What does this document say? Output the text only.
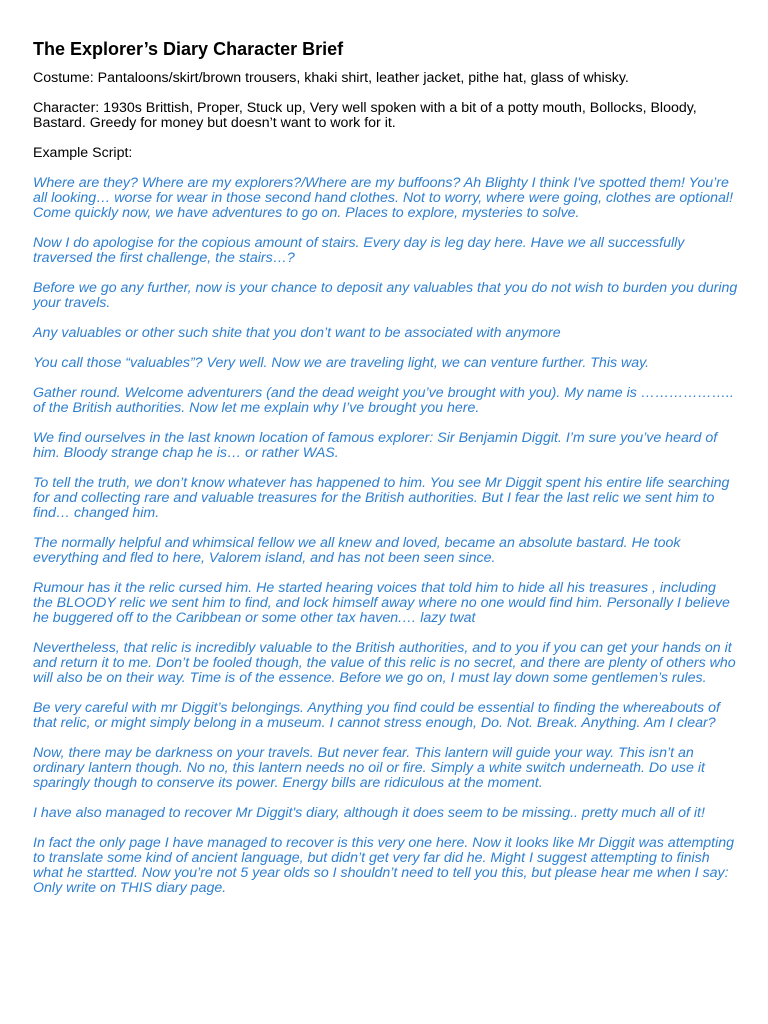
The Explorer’s Diary Character Brief

Costume: Pantaloons/skirt/brown trousers, khaki shirt, leather jacket, pithe hat, glass of whisky.

Character: 1930s Brittish, Proper, Stuck up, Very well spoken with a bit of a potty mouth, Bollocks, Bloody, Bastard. Greedy for money but doesn’t want to work for it.

Example Script:

Where are they? Where are my explorers?/Where are my buffoons? Ah Blighty I think I've spotted them! You’re all looking… worse for wear in those second hand clothes. Not to worry, where were going, clothes are optional! Come quickly now, we have adventures to go on. Places to explore, mysteries to solve.

Now I do apologise for the copious amount of stairs. Every day is leg day here. Have we all successfully traversed the first challenge, the stairs…?

Before we go any further, now is your chance to deposit any valuables that you do not wish to burden you during your travels.

Any valuables or other such shite that you don’t want to be associated with anymore

You call those “valuables”? Very well. Now we are traveling light, we can venture further. This way.

Gather round. Welcome adventurers (and the dead weight you’ve brought with you). My name is ……………….. of the British authorities. Now let me explain why I’ve brought you here.

We find ourselves in the last known location of famous explorer: Sir Benjamin Diggit. I’m sure you’ve heard of him. Bloody strange chap he is… or rather WAS.

To tell the truth, we don’t know whatever has happened to him. You see Mr Diggit spent his entire life searching for and collecting rare and valuable treasures for the British authorities. But I fear the last relic we sent him to find… changed him.

The normally helpful and whimsical fellow we all knew and loved, became an absolute bastard. He took everything and fled to here, Valorem island, and has not been seen since.

Rumour has it the relic cursed him. He started hearing voices that told him to hide all his treasures , including the BLOODY relic we sent him to find, and lock himself away where no one would find him. Personally I believe he buggered off to the Caribbean or some other tax haven.… lazy twat

Nevertheless, that relic is incredibly valuable to the British authorities, and to you if you can get your hands on it and return it to me. Don’t be fooled though, the value of this relic is no secret, and there are plenty of others who will also be on their way. Time is of the essence. Before we go on, I must lay down some gentlemen’s rules.

Be very careful with mr Diggit’s belongings. Anything you find could be essential to finding the whereabouts of that relic, or might simply belong in a museum. I cannot stress enough, Do. Not. Break. Anything. Am I clear?

Now, there may be darkness on your travels. But never fear. This lantern will guide your way. This isn’t an ordinary lantern though. No no, this lantern needs no oil or fire. Simply a white switch underneath. Do use it sparingly though to conserve its power. Energy bills are ridiculous at the moment.

I have also managed to recover Mr Diggit's diary, although it does seem to be missing.. pretty much all of it!

In fact the only page I have managed to recover is this very one here. Now it looks like Mr Diggit was attempting to translate some kind of ancient language, but didn’t get very far did he. Might I suggest attempting to finish what he startted. Now you’re not 5 year olds so I shouldn’t need to tell you this, but please hear me when I say: Only write on THIS diary page.
